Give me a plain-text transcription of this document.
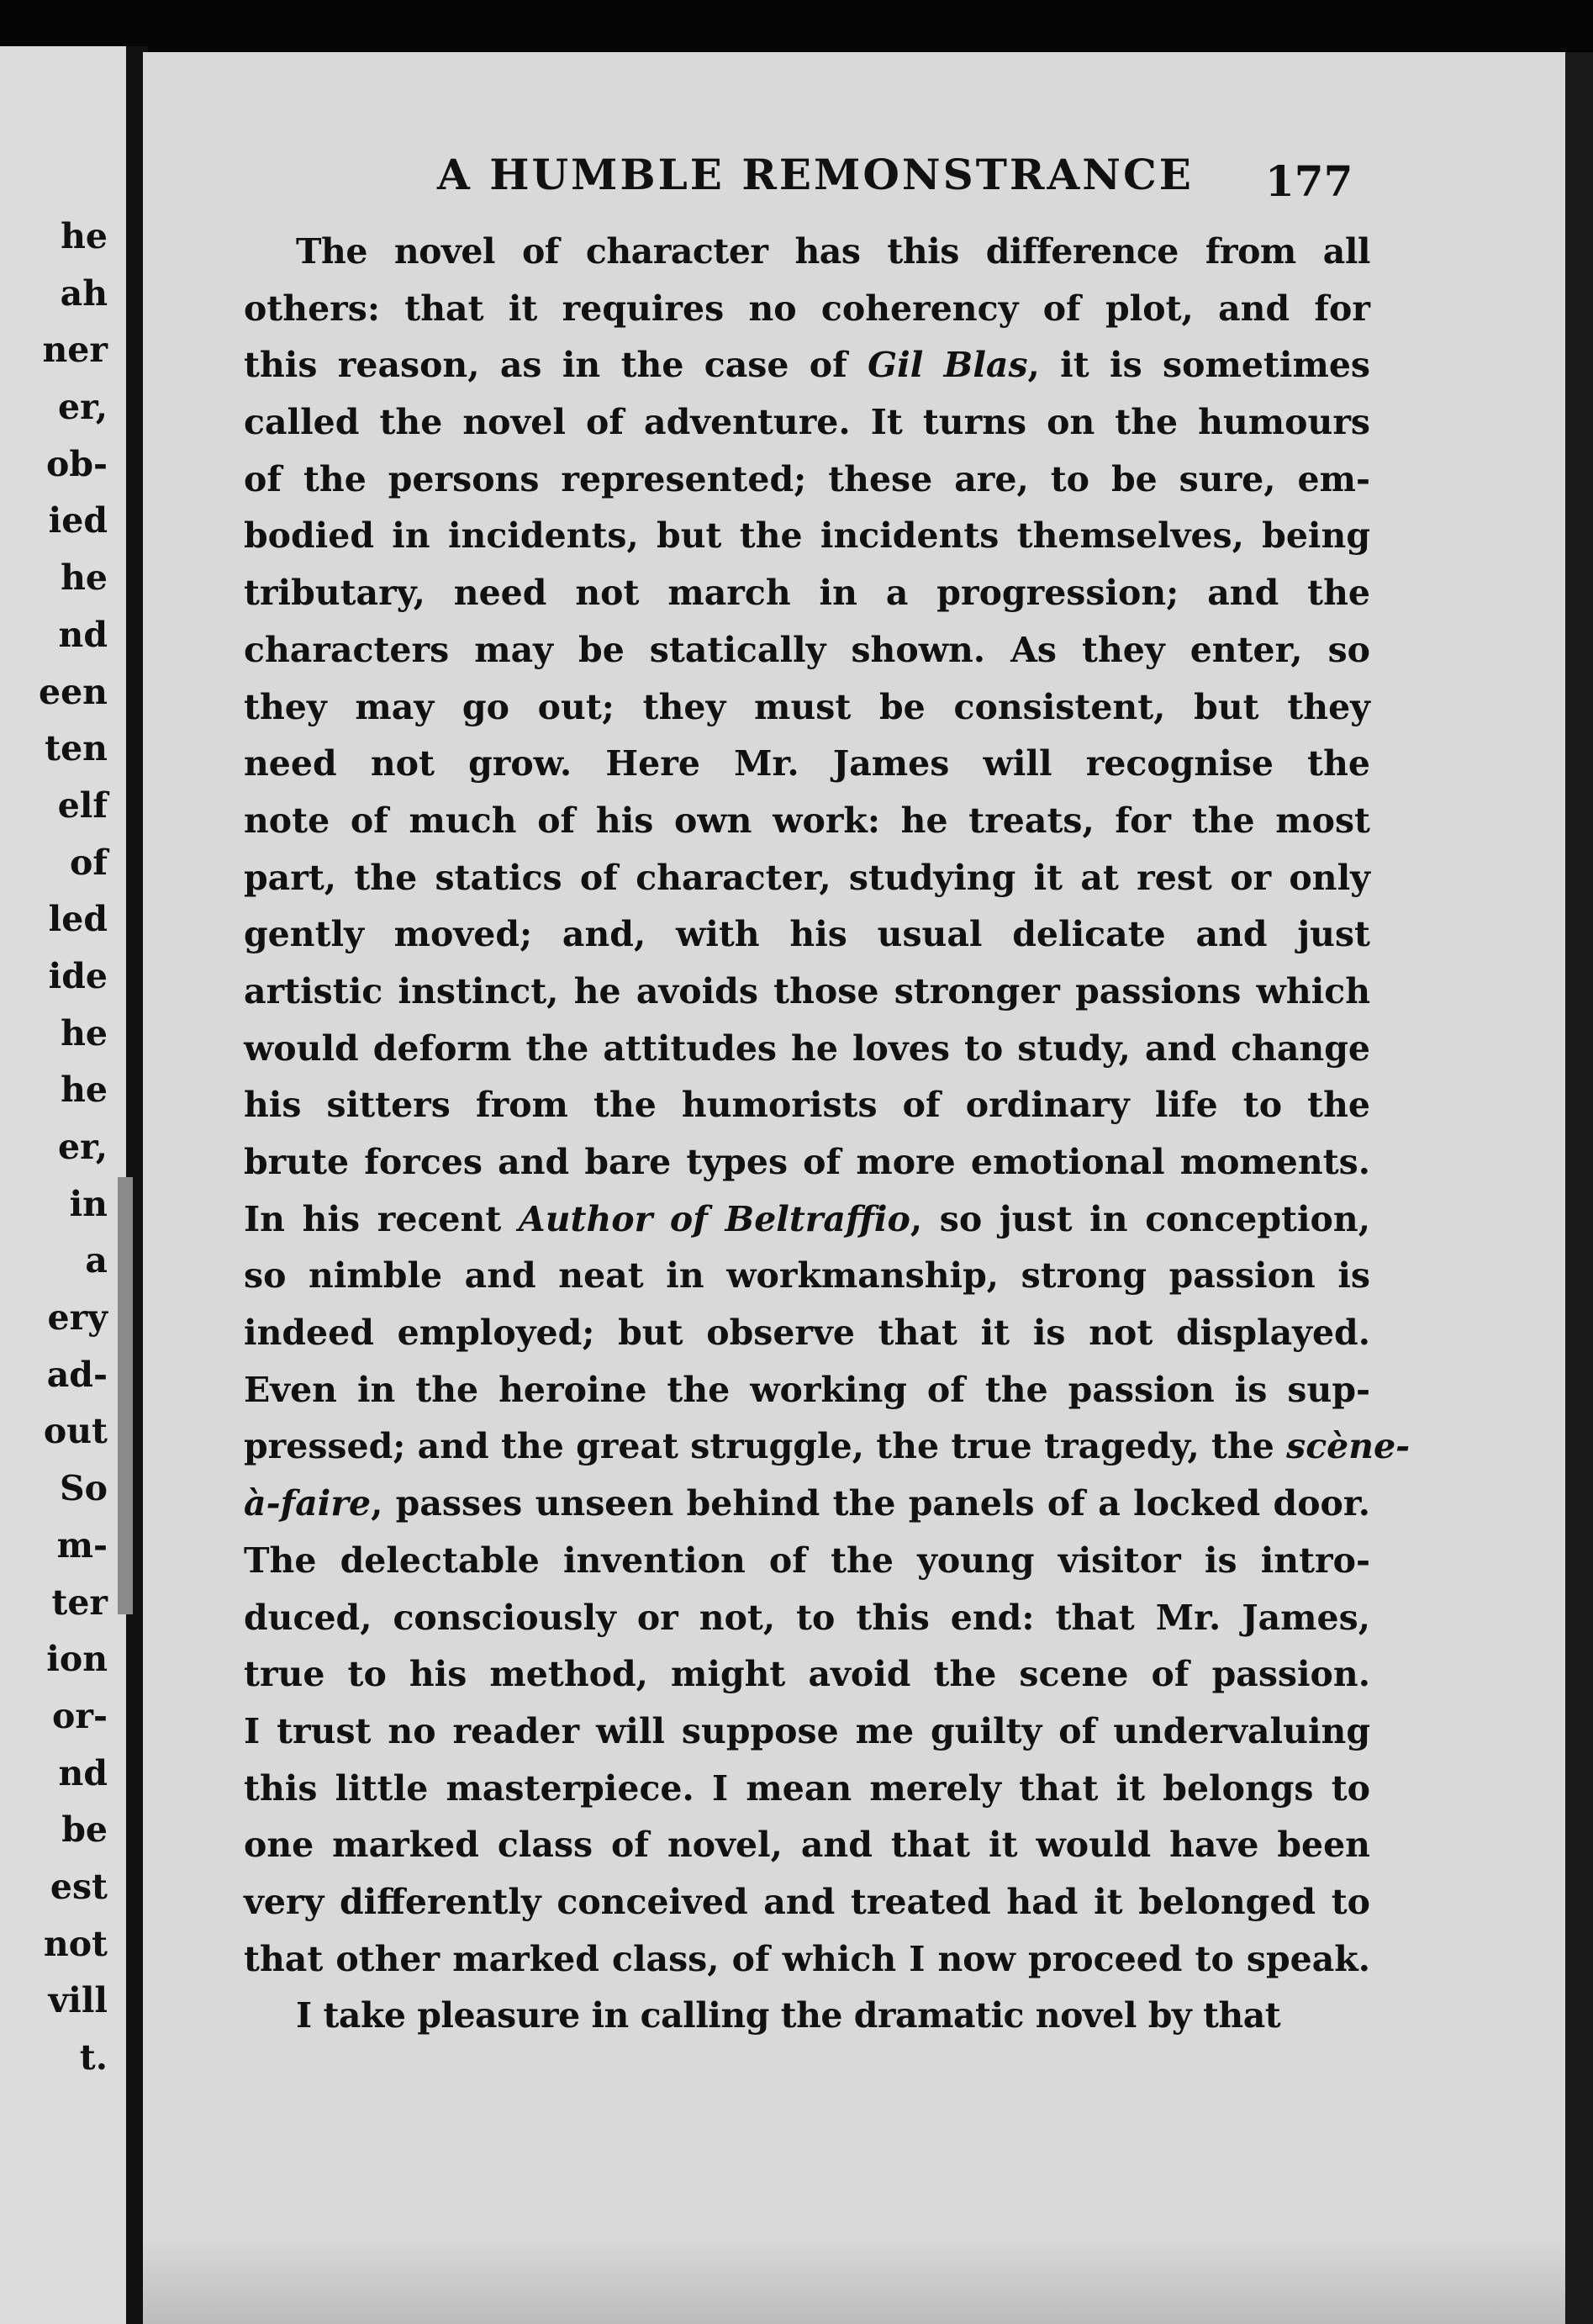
he
ah
ner
er,
ob-
ied
he
nd
een
ten
elf
of
led
ide
he
he
er,
in
a
ery
ad-
out
So
m-
ter
ion
or-
nd
be
est
not
vill
t.
A HUMBLE REMONSTRANCE 177
The novel of character has this difference from all
others: that it requires no coherency of plot, and for
this reason, as in the case of Gil Blas, it is sometimes
called the novel of adventure. It turns on the humours
of the persons represented; these are, to be sure, em-
bodied in incidents, but the incidents themselves, being
tributary, need not march in a progression; and the
characters may be statically shown. As they enter, so
they may go out; they must be consistent, but they
need not grow. Here Mr. James will recognise the
note of much of his own work: he treats, for the most
part, the statics of character, studying it at rest or only
gently moved; and, with his usual delicate and just
artistic instinct, he avoids those stronger passions which
would deform the attitudes he loves to study, and change
his sitters from the humorists of ordinary life to the
brute forces and bare types of more emotional moments.
In his recent Author of Beltraffio, so just in conception,
so nimble and neat in workmanship, strong passion is
indeed employed; but observe that it is not displayed.
Even in the heroine the working of the passion is sup-
pressed; and the great struggle, the true tragedy, the scène-
à-faire, passes unseen behind the panels of a locked door.
The delectable invention of the young visitor is intro-
duced, consciously or not, to this end: that Mr. James,
true to his method, might avoid the scene of passion.
I trust no reader will suppose me guilty of undervaluing
this little masterpiece. I mean merely that it belongs to
one marked class of novel, and that it would have been
very differently conceived and treated had it belonged to
that other marked class, of which I now proceed to speak.
I take pleasure in calling the dramatic novel by that
